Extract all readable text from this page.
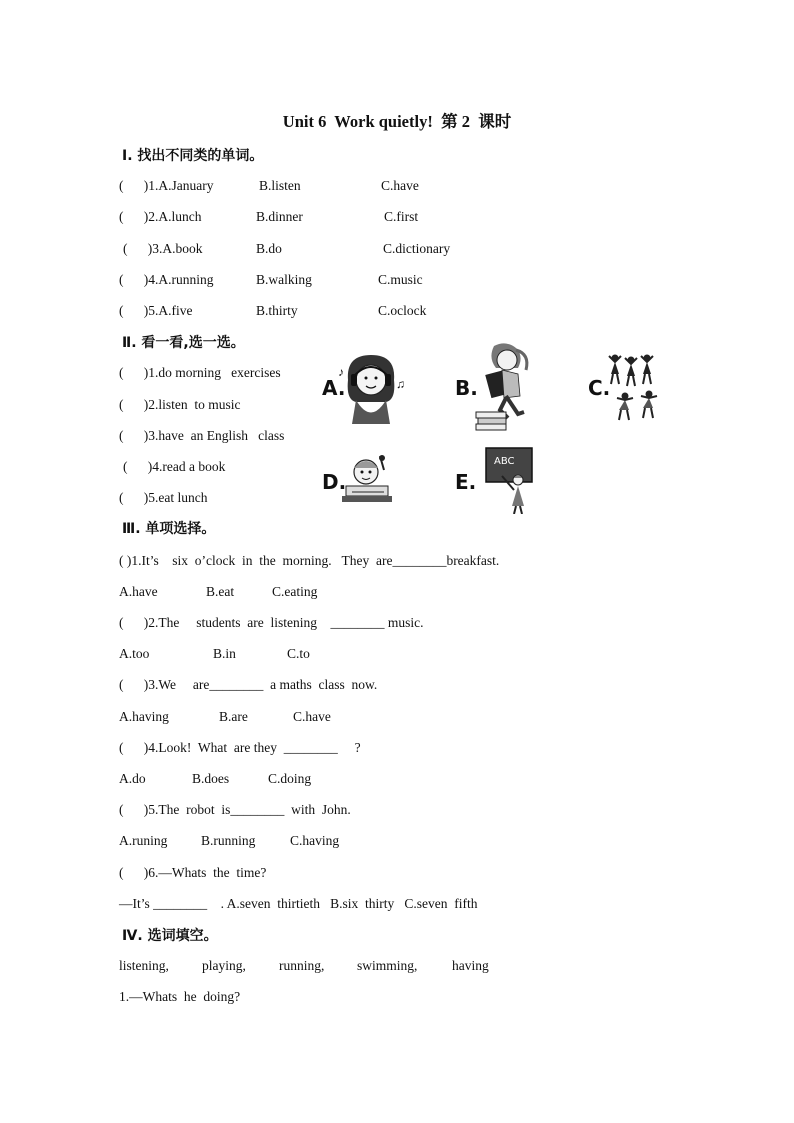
Unit 6  Work quietly!  第 2  课时
Ⅰ. 找出不同类的单词。
(      )1.A.January	B.listen	C.have
(      )2.A.lunch	B.dinner	C.first
(      )3.A.book	B.do	C.dictionary
(      )4.A.running	B.walking	C.music
(      )5.A.five	B.thirty	C.oclock
Ⅱ. 看一看,选一选。
(      )1.do morning   exercises
(      )2.listen  to music
(      )3.have  an English   class
(      )4.read a book
(      )5.eat lunch
A.
♪
♫	B.	C.
D.	E.
ABC
Ⅲ. 单项选择。
( )1.It’s    six  o’clock  in  the  morning.   They  are________breakfast.
A.have	B.eat	C.eating
(      )2.The     students  are  listening    ________ music.
A.too	B.in	C.to
(      )3.We     are________  a maths  class  now.
A.having	B.are	C.have
(      )4.Look!  What  are they  ________     ?
A.do	B.does	C.doing
(      )5.The  robot  is________  with  John.
A.runing B.running	C.having
(      )6.—Whats  the  time?
—It’s ________    . A.seven  thirtieth   B.six  thirty   C.seven  fifth
Ⅳ. 选词填空。
listening, playing, running, swimming,	having
1.—Whats  he  doing?
